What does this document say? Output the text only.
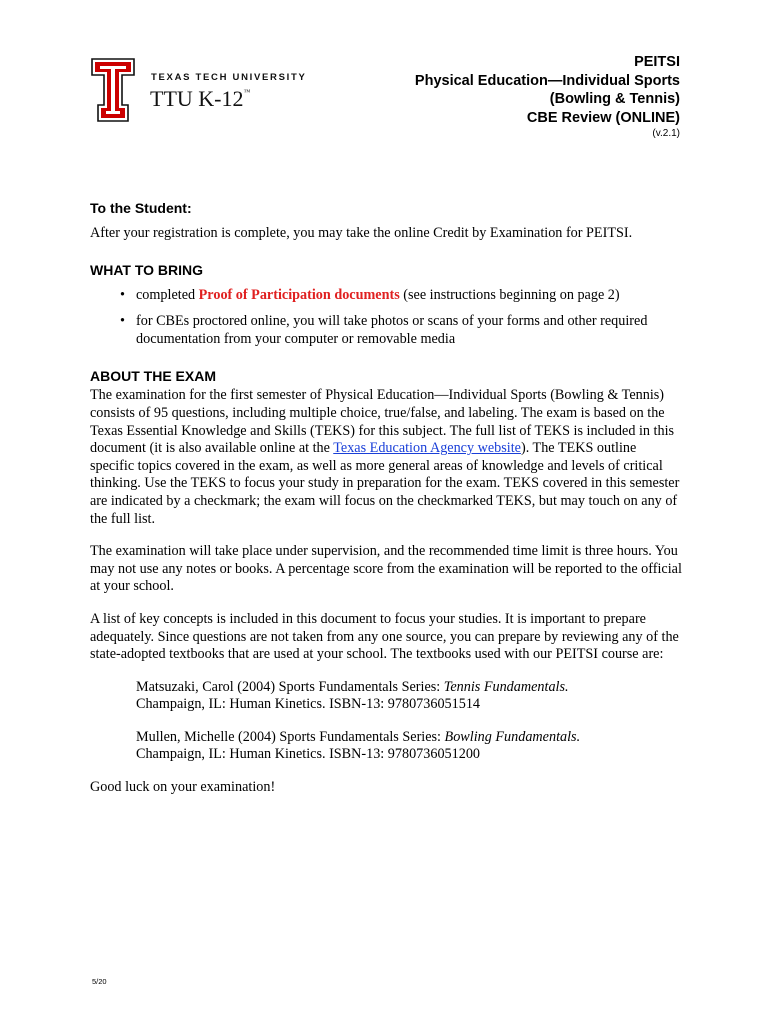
TEXAS TECH UNIVERSITY
TTU K-12™
PEITSI
Physical Education—Individual Sports
(Bowling & Tennis)
CBE Review (ONLINE)
(v.2.1)
To the Student:

After your registration is complete, you may take the online Credit by Examination for PEITSI.

WHAT TO BRING
• completed Proof of Participation documents (see instructions beginning on page 2)
• for CBEs proctored online, you will take photos or scans of your forms and other required documentation from your computer or removable media
ABOUT THE EXAM

The examination for the first semester of Physical Education—Individual Sports (Bowling & Tennis) consists of 95 questions, including multiple choice, true/false, and labeling. The exam is based on the Texas Essential Knowledge and Skills (TEKS) for this subject. The full list of TEKS is included in this document (it is also available online at the Texas Education Agency website). The TEKS outline specific topics covered in the exam, as well as more general areas of knowledge and levels of critical thinking. Use the TEKS to focus your study in preparation for the exam. TEKS covered in this semester are indicated by a checkmark; the exam will focus on the checkmarked TEKS, but may touch on any of the full list.

The examination will take place under supervision, and the recommended time limit is three hours. You may not use any notes or books. A percentage score from the examination will be reported to the official at your school.

A list of key concepts is included in this document to focus your studies. It is important to prepare adequately. Since questions are not taken from any one source, you can prepare by reviewing any of the state-adopted textbooks that are used at your school. The textbooks used with our PEITSI course are:

Matsuzaki, Carol (2004) Sports Fundamentals Series: Tennis Fundamentals.
Champaign, IL: Human Kinetics. ISBN-13: 9780736051514

Mullen, Michelle (2004) Sports Fundamentals Series: Bowling Fundamentals.
Champaign, IL: Human Kinetics. ISBN-13: 9780736051200

Good luck on your examination!

5/20
